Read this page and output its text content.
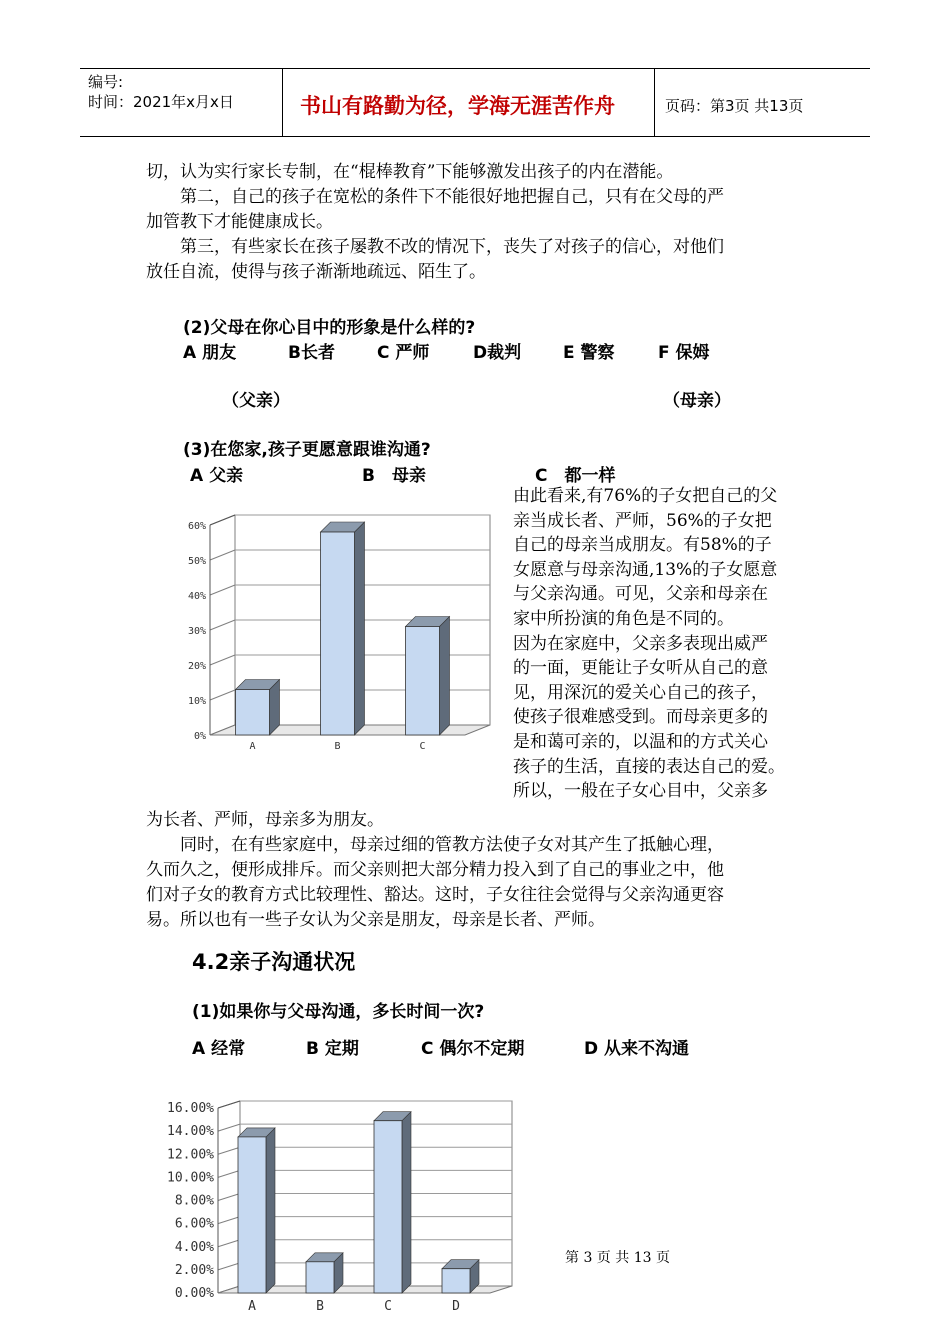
编号:
时间：2021年x月x日	书山有路勤为径，学海无涯苦作舟	页码：第3页 共13页
切，认为实行家长专制，在“棍棒教育”下能够激发出孩子的内在潜能。
　　第二，自己的孩子在宽松的条件下不能很好地把握自己，只有在父母的严
加管教下才能健康成长。
　　第三，有些家长在孩子屡教不改的情况下，丧失了对孩子的信心，对他们
放任自流，使得与孩子渐渐地疏远、陌生了。
(2)父母在你心目中的形象是什么样的?
A 朋友	B长者 C 严师	D裁判 E 警察	F 保姆
（父亲）	（母亲）
(3)在您家,孩子更愿意跟谁沟通?
A 父亲	B　母亲	C　都一样
由此看来,有76%的子女把自己的父
亲当成长者、严师，56%的子女把
自己的母亲当成朋友。有58%的子
女愿意与母亲沟通,13%的子女愿意
与父亲沟通。可见，父亲和母亲在
家中所扮演的角色是不同的。
因为在家庭中，父亲多表现出威严
的一面，更能让子女听从自己的意
见，用深沉的爱关心自己的孩子，
使孩子很难感受到。而母亲更多的
是和蔼可亲的，以温和的方式关心
孩子的生活，直接的表达自己的爱。
所以，一般在子女心目中，父亲多
0%
10%
20%
30%
40%
50%
60%
A	B	C
为长者、严师，母亲多为朋友。
　　同时，在有些家庭中，母亲过细的管教方法使子女对其产生了抵触心理，
久而久之，便形成排斥。而父亲则把大部分精力投入到了自己的事业之中，他
们对子女的教育方式比较理性、豁达。这时，子女往往会觉得与父亲沟通更容
易。所以也有一些子女认为父亲是朋友，母亲是长者、严师。
4.2亲子沟通状况
(1)如果你与父母沟通，多长时间一次?
A 经常	B 定期	C 偶尔不定期	D 从来不沟通
0.00%
2.00%
4.00%
6.00%
8.00%
10.00%
12.00%
14.00%
16.00%
A	B	C	D
第 3 页 共 13 页
